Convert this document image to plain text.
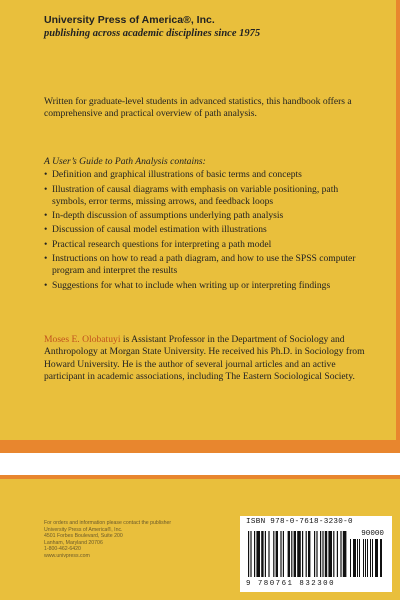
University Press of America®, Inc.
publishing across academic disciplines since 1975
Written for graduate-level students in advanced statistics, this handbook offers a comprehensive and practical overview of path analysis.
A User’s Guide to Path Analysis contains:
• Definition and graphical illustrations of basic terms and concepts
• Illustration of causal diagrams with emphasis on variable positioning, path symbols, error terms, missing arrows, and feedback loops
• In-depth discussion of assumptions underlying path analysis
• Discussion of causal model estimation with illustrations
• Practical research questions for interpreting a path model
• Instructions on how to read a path diagram, and how to use the SPSS computer program and interpret the results
• Suggestions for what to include when writing up or interpreting findings
Moses E. Olobatuyi is Assistant Professor in the Department of Sociology and Anthropology at Morgan State University. He received his Ph.D. in Sociology from Howard University. He is the author of several journal articles and an active participant in academic associations, including The Eastern Sociological Society.
For orders and information please contact the publisher
University Press of America®, Inc.
4501 Forbes Boulevard, Suite 200
Lanham, Maryland 20706
1-800-462-6420
www.univpress.com
ISBN 978-0-7618-3230-0
90000
9 780761 832300
